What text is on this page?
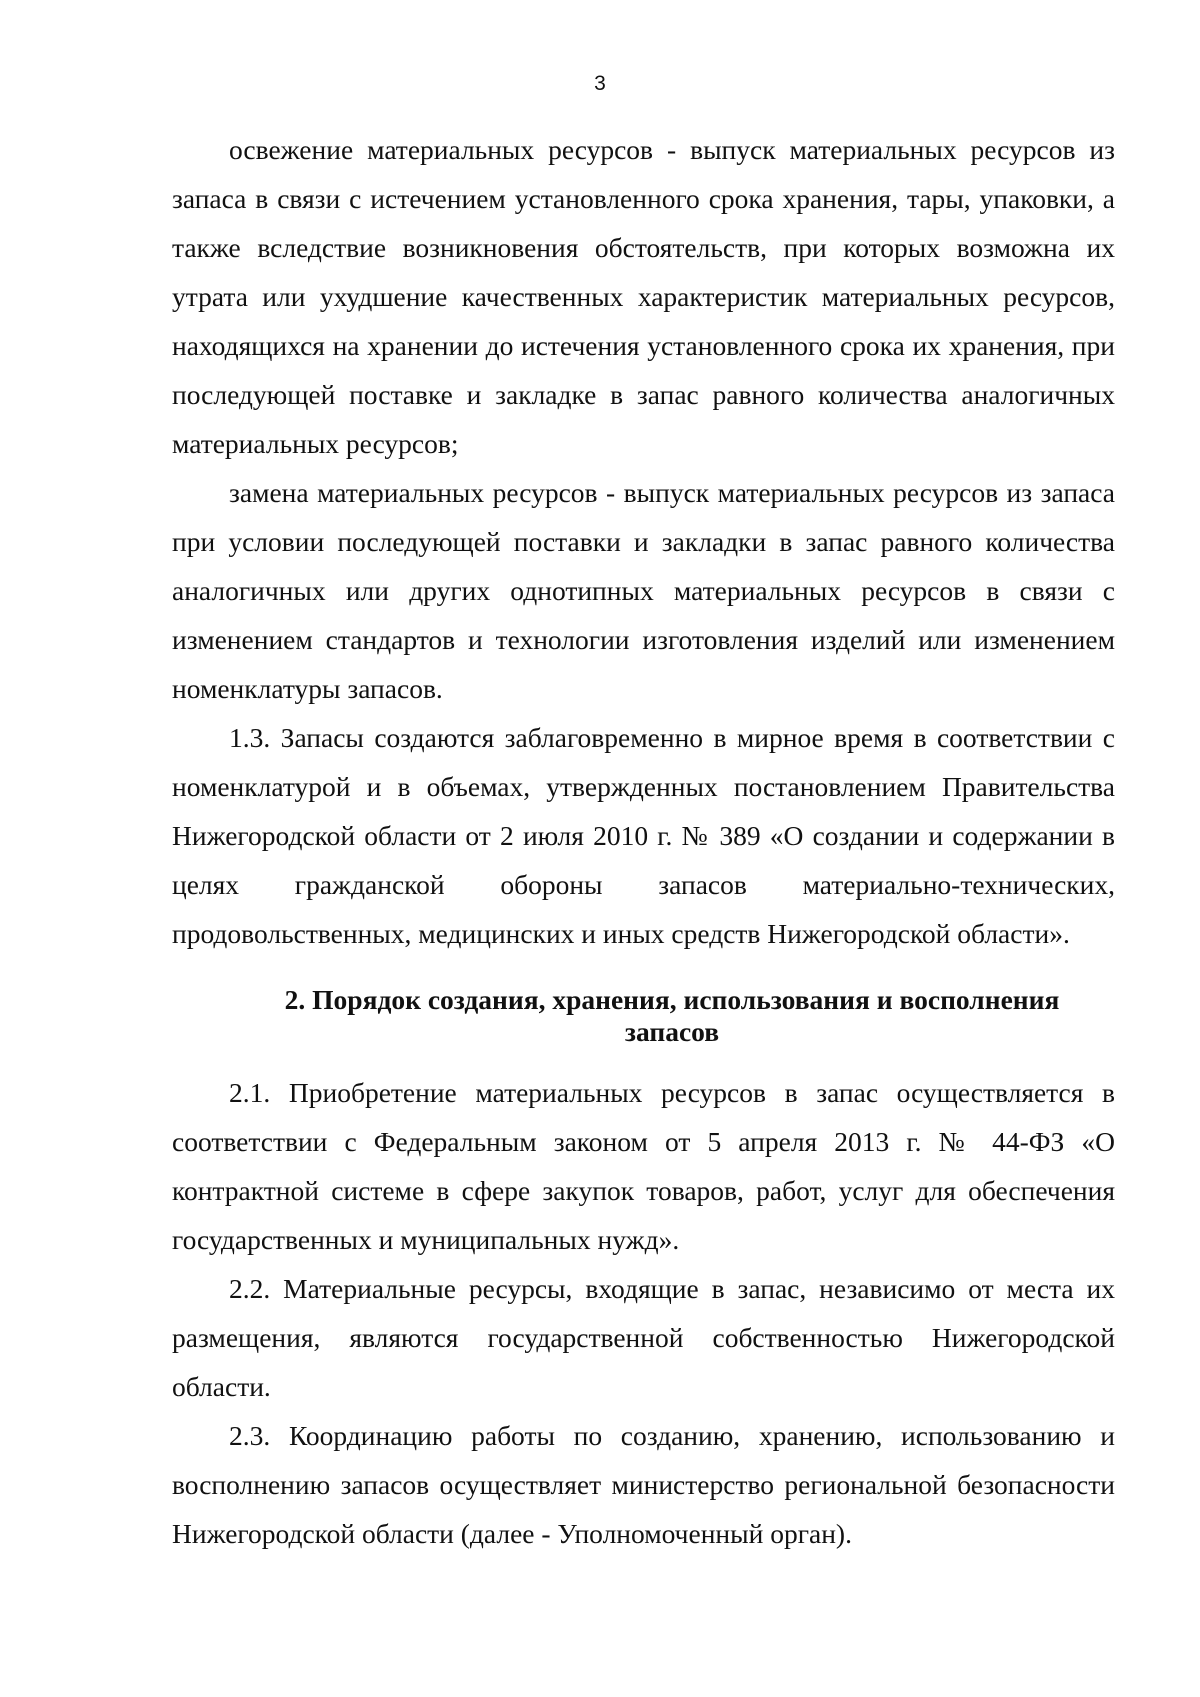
3

освежение материальных ресурсов - выпуск материальных ресурсов из запаса в связи с истечением установленного срока хранения, тары, упаковки, а также вследствие возникновения обстоятельств, при которых возможна их утрата или ухудшение качественных характеристик материальных ресурсов, находящихся на хранении до истечения установленного срока их хранения, при последующей поставке и закладке в запас равного количества аналогичных материальных ресурсов;

замена материальных ресурсов - выпуск материальных ресурсов из запаса при условии последующей поставки и закладки в запас равного количества аналогичных или других однотипных материальных ресурсов в связи с изменением стандартов и технологии изготовления изделий или изменением номенклатуры запасов.

1.3. Запасы создаются заблаговременно в мирное время в соответствии с номенклатурой и в объемах, утвержденных постановлением Правительства Нижегородской области от 2 июля 2010 г. № 389 «О создании и содержании в целях гражданской обороны запасов материально-технических, продовольственных, медицинских и иных средств Нижегородской области».

2. Порядок создания, хранения, использования и восполнения
запасов

2.1. Приобретение материальных ресурсов в запас осуществляется в соответствии с Федеральным законом от 5 апреля 2013 г. № 44-ФЗ «О контрактной системе в сфере закупок товаров, работ, услуг для обеспечения государственных и муниципальных нужд».

2.2. Материальные ресурсы, входящие в запас, независимо от места их размещения, являются государственной собственностью Нижегородской области.

2.3. Координацию работы по созданию, хранению, использованию и восполнению запасов осуществляет министерство региональной безопасности Нижегородской области (далее - Уполномоченный орган).
